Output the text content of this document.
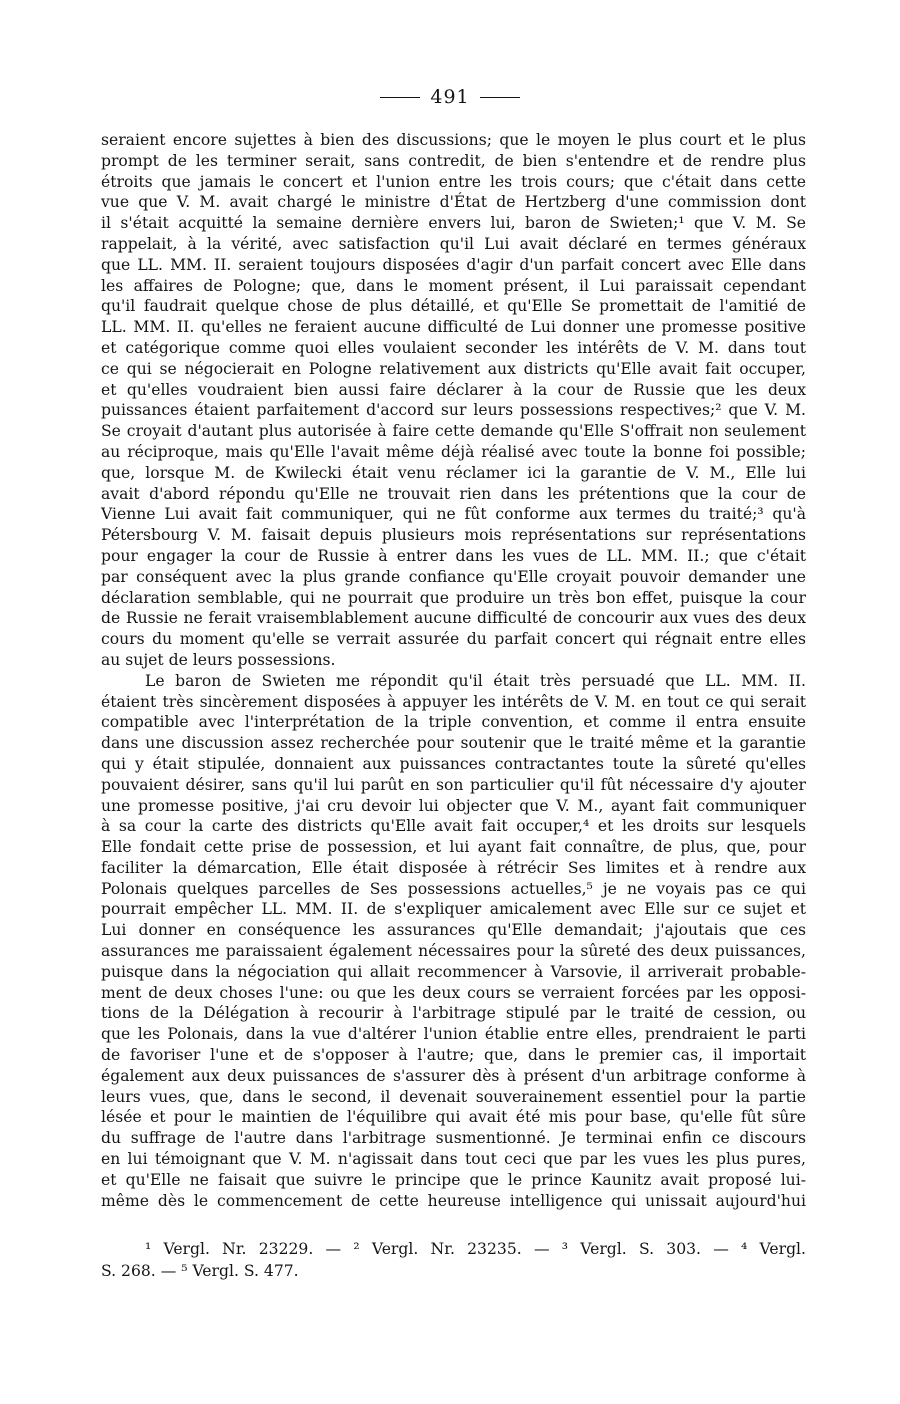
491
seraient encore sujettes à bien des discussions; que le moyen le plus court et le plus
prompt de les terminer serait, sans contredit, de bien s'entendre et de rendre plus
étroits que jamais le concert et l'union entre les trois cours; que c'était dans cette
vue que V. M. avait chargé le ministre d'État de Hertzberg d'une commission dont
il s'était acquitté la semaine dernière envers lui, baron de Swieten;¹ que V. M. Se
rappelait, à la vérité, avec satisfaction qu'il Lui avait déclaré en termes généraux
que LL. MM. II. seraient toujours disposées d'agir d'un parfait concert avec Elle dans
les affaires de Pologne; que, dans le moment présent, il Lui paraissait cependant
qu'il faudrait quelque chose de plus détaillé, et qu'Elle Se promettait de l'amitié de
LL. MM. II. qu'elles ne feraient aucune difficulté de Lui donner une promesse positive
et catégorique comme quoi elles voulaient seconder les intérêts de V. M. dans tout
ce qui se négocierait en Pologne relativement aux districts qu'Elle avait fait occuper,
et qu'elles voudraient bien aussi faire déclarer à la cour de Russie que les deux
puissances étaient parfaitement d'accord sur leurs possessions respectives;² que V. M.
Se croyait d'autant plus autorisée à faire cette demande qu'Elle S'offrait non seulement
au réciproque, mais qu'Elle l'avait même déjà réalisé avec toute la bonne foi possible;
que, lorsque M. de Kwilecki était venu réclamer ici la garantie de V. M., Elle lui
avait d'abord répondu qu'Elle ne trouvait rien dans les prétentions que la cour de
Vienne Lui avait fait communiquer, qui ne fût conforme aux termes du traité;³ qu'à
Pétersbourg V. M. faisait depuis plusieurs mois représentations sur représentations
pour engager la cour de Russie à entrer dans les vues de LL. MM. II.; que c'était
par conséquent avec la plus grande confiance qu'Elle croyait pouvoir demander une
déclaration semblable, qui ne pourrait que produire un très bon effet, puisque la cour
de Russie ne ferait vraisemblablement aucune difficulté de concourir aux vues des deux
cours du moment qu'elle se verrait assurée du parfait concert qui régnait entre elles
au sujet de leurs possessions.
Le baron de Swieten me répondit qu'il était très persuadé que LL. MM. II.
étaient très sincèrement disposées à appuyer les intérêts de V. M. en tout ce qui serait
compatible avec l'interprétation de la triple convention, et comme il entra ensuite
dans une discussion assez recherchée pour soutenir que le traité même et la garantie
qui y était stipulée, donnaient aux puissances contractantes toute la sûreté qu'elles
pouvaient désirer, sans qu'il lui parût en son particulier qu'il fût nécessaire d'y ajouter
une promesse positive, j'ai cru devoir lui objecter que V. M., ayant fait communiquer
à sa cour la carte des districts qu'Elle avait fait occuper,⁴ et les droits sur lesquels
Elle fondait cette prise de possession, et lui ayant fait connaître, de plus, que, pour
faciliter la démarcation, Elle était disposée à rétrécir Ses limites et à rendre aux
Polonais quelques parcelles de Ses possessions actuelles,⁵ je ne voyais pas ce qui
pourrait empêcher LL. MM. II. de s'expliquer amicalement avec Elle sur ce sujet et
Lui donner en conséquence les assurances qu'Elle demandait; j'ajoutais que ces
assurances me paraissaient également nécessaires pour la sûreté des deux puissances,
puisque dans la négociation qui allait recommencer à Varsovie, il arriverait probable-
ment de deux choses l'une: ou que les deux cours se verraient forcées par les opposi-
tions de la Délégation à recourir à l'arbitrage stipulé par le traité de cession, ou
que les Polonais, dans la vue d'altérer l'union établie entre elles, prendraient le parti
de favoriser l'une et de s'opposer à l'autre; que, dans le premier cas, il importait
également aux deux puissances de s'assurer dès à présent d'un arbitrage conforme à
leurs vues, que, dans le second, il devenait souverainement essentiel pour la partie
lésée et pour le maintien de l'équilibre qui avait été mis pour base, qu'elle fût sûre
du suffrage de l'autre dans l'arbitrage susmentionné. Je terminai enfin ce discours
en lui témoignant que V. M. n'agissait dans tout ceci que par les vues les plus pures,
et qu'Elle ne faisait que suivre le principe que le prince Kaunitz avait proposé lui-
même dès le commencement de cette heureuse intelligence qui unissait aujourd'hui
¹ Vergl. Nr. 23229. — ² Vergl. Nr. 23235. — ³ Vergl. S. 303. — ⁴ Vergl.
S. 268. — ⁵ Vergl. S. 477.
